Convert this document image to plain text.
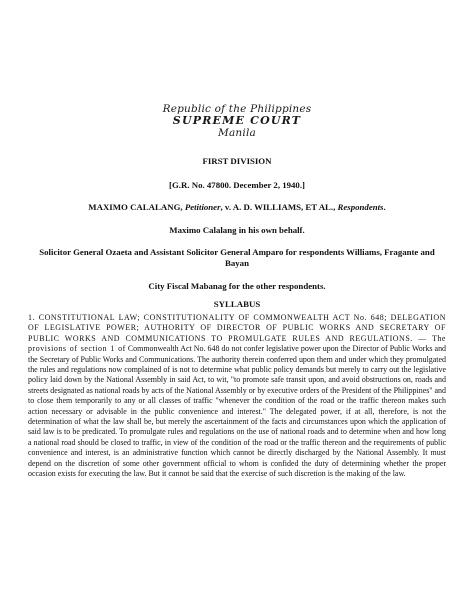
Republic of the Philippines
SUPREME COURT
Manila
FIRST DIVISION
[G.R. No. 47800. December 2, 1940.]
MAXIMO CALALANG, Petitioner, v. A. D. WILLIAMS, ET AL., Respondents.
Maximo Calalang in his own behalf.
Solicitor General Ozaeta and Assistant Solicitor General Amparo for respondents Williams, Fragante and Bayan
City Fiscal Mabanag for the other respondents.
SYLLABUS
1. CONSTITUTIONAL LAW; CONSTITUTIONALITY OF COMMONWEALTH ACT No. 648; DELEGATION OF LEGISLATIVE POWER; AUTHORITY OF DIRECTOR OF PUBLIC WORKS AND SECRETARY OF PUBLIC WORKS AND COMMUNICATIONS TO PROMULGATE RULES AND REGULATIONS. — The provisions of section 1 of Commonwealth Act No. 648 do not confer legislative power upon the Director of Public Works and the Secretary of Public Works and Communications. The authority therein conferred upon them and under which they promulgated the rules and regulations now complained of is not to determine what public policy demands but merely to carry out the legislative policy laid down by the National Assembly in said Act, to wit, "to promote safe transit upon, and avoid obstructions on, roads and streets designated as national roads by acts of the National Assembly or by executive orders of the President of the Philippines" and to close them temporarily to any or all classes of traffic "whenever the condition of the road or the traffic thereon makes such action necessary or advisable in the public convenience and interest." The delegated power, if at all, therefore, is not the determination of what the law shall be, but merely the ascertainment of the facts and circumstances upon which the application of said law is to be predicated. To promulgate rules and regulations on the use of national roads and to determine when and how long a national road should be closed to traffic, in view of the condition of the road or the traffic thereon and the requirements of public convenience and interest, is an administrative function which cannot be directly discharged by the National Assembly. It must depend on the discretion of some other government official to whom is confided the duty of determining whether the proper occasion exists for executing the law. But it cannot be said that the exercise of such discretion is the making of the law.
